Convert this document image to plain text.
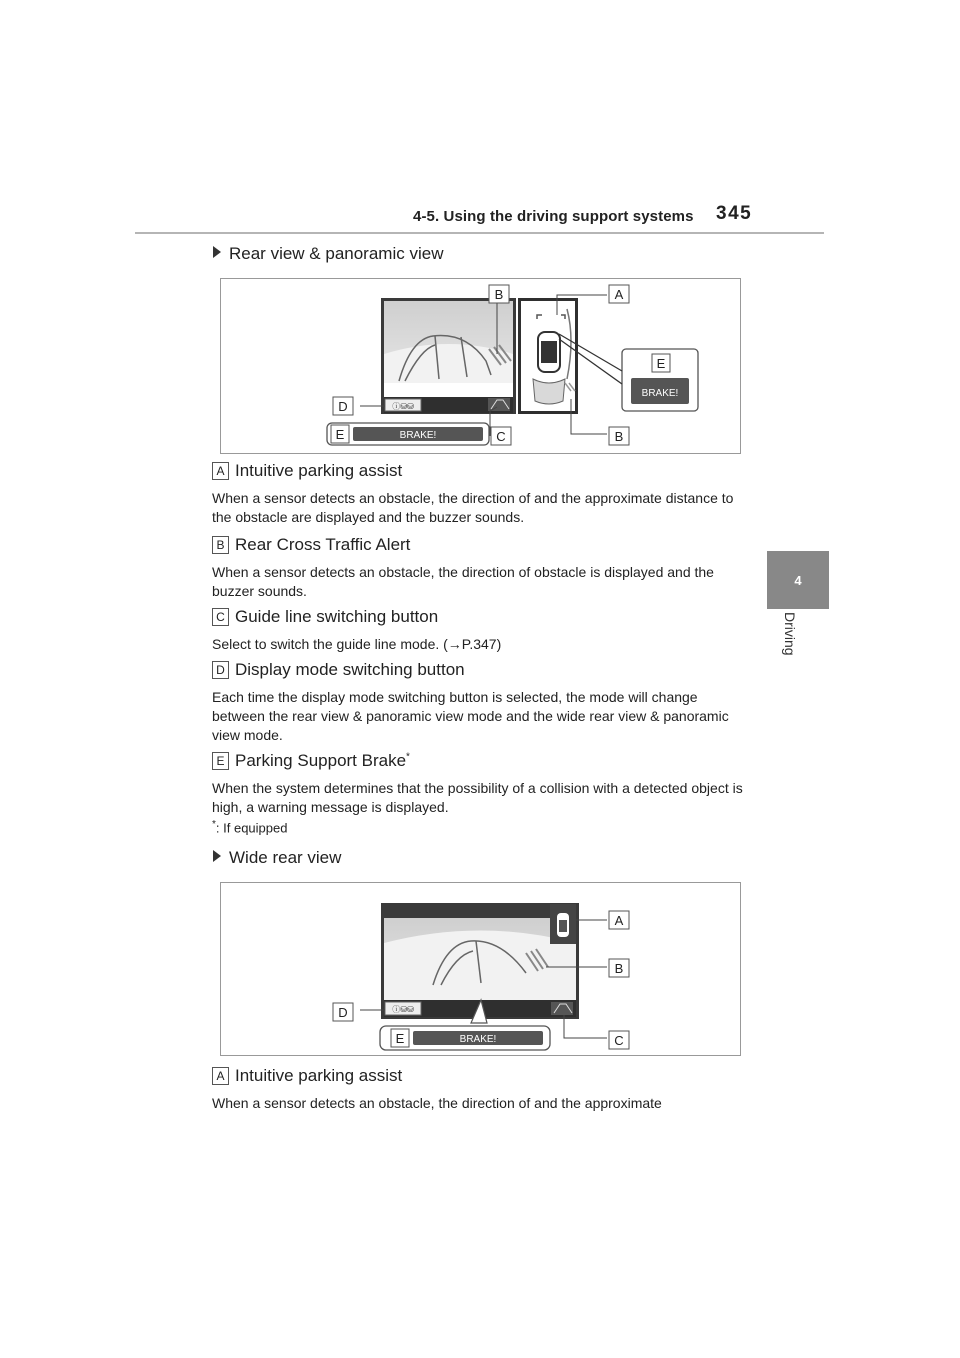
4-5. Using the driving support systems 345
4
Driving
Rear view & panoramic view
ⓘ⛁⛁
BRAKE!
BRAKE!
B	A
E
D
E	C	B
A Intuitive parking assist
When a sensor detects an obstacle, the direction of and the approximate distance to the obstacle are displayed and the buzzer sounds.
B Rear Cross Traffic Alert
When a sensor detects an obstacle, the direction of obstacle is displayed and the buzzer sounds.
C Guide line switching button
Select to switch the guide line mode. (→P.347)
D Display mode switching button
Each time the display mode switching button is selected, the mode will change between the rear view & panoramic view mode and the wide rear view & panoramic view mode.
E Parking Support Brake*
When the system determines that the possibility of a collision with a detected object is high, a warning message is displayed.
*: If equipped
Wide rear view
ⓘ⛁⛁
BRAKE!
A
B
D
E	C
A Intuitive parking assist
When a sensor detects an obstacle, the direction of and the approximate
